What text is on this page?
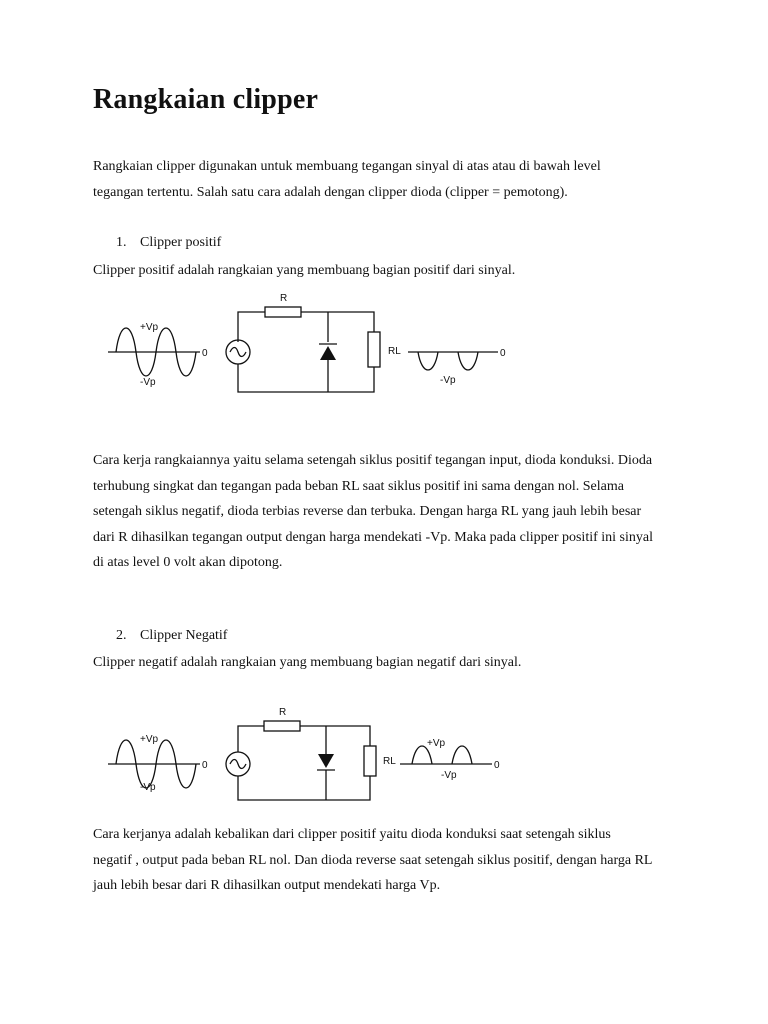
Rangkaian clipper

Rangkaian clipper digunakan untuk membuang tegangan sinyal di atas atau di bawah level tegangan tertentu. Salah satu cara adalah dengan clipper dioda (clipper = pemotong).

1. Clipper positif

Clipper positif adalah rangkaian yang membuang bagian positif dari sinyal.

+Vp
-Vp
0
R
RL
-Vp
0

Cara kerja rangkaiannya yaitu selama setengah siklus positif tegangan input, dioda konduksi. Dioda terhubung singkat dan tegangan pada beban RL saat siklus positif ini sama dengan nol. Selama setengah siklus negatif, dioda terbias reverse dan terbuka. Dengan harga RL yang jauh lebih besar dari R dihasilkan tegangan output dengan harga mendekati -Vp. Maka pada clipper positif ini sinyal di atas level 0 volt akan dipotong.

2. Clipper Negatif

Clipper negatif adalah rangkaian yang membuang bagian negatif dari sinyal.

+Vp
-Vp
0
R
RL
+Vp
-Vp
0

Cara kerjanya adalah kebalikan dari clipper positif yaitu dioda konduksi saat setengah siklus negatif , output pada beban RL nol. Dan dioda reverse saat setengah siklus positif, dengan harga RL jauh lebih besar dari R dihasilkan output mendekati harga Vp.
